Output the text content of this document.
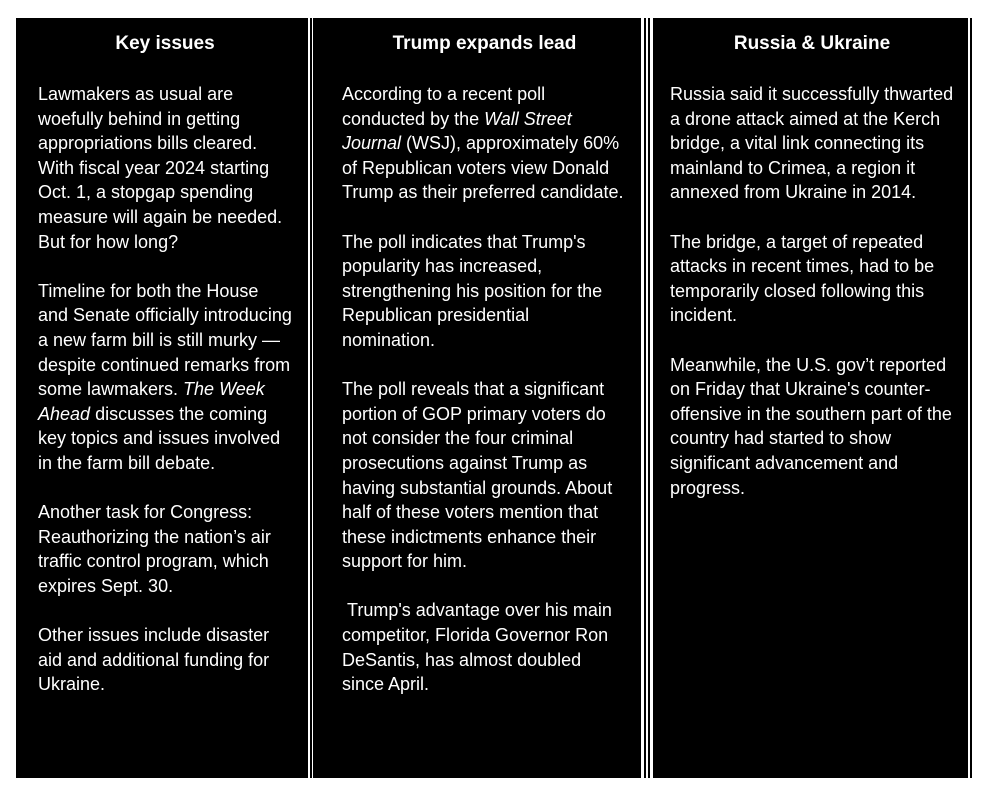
Key issues

Lawmakers as usual are woefully behind in getting appropriations bills cleared. With fiscal year 2024 starting Oct. 1, a stopgap spending measure will again be needed. But for how long?

Timeline for both the House and Senate officially introducing a new farm bill is still murky — despite continued remarks from some lawmakers. The Week Ahead discusses the coming key topics and issues involved in the farm bill debate.

Another task for Congress: Reauthorizing the nation’s air traffic control program, which expires Sept. 30.

Other issues include disaster aid and additional funding for Ukraine.

Trump expands lead

According to a recent poll conducted by the Wall Street Journal (WSJ), approximately 60% of Republican voters view Donald Trump as their preferred candidate.

The poll indicates that Trump's popularity has increased, strengthening his position for the Republican presidential nomination.

The poll reveals that a significant portion of GOP primary voters do not consider the four criminal prosecutions against Trump as having substantial grounds. About half of these voters mention that these indictments enhance their support for him.

Trump's advantage over his main competitor, Florida Governor Ron DeSantis, has almost doubled since April.

Russia & Ukraine

Russia said it successfully thwarted a drone attack aimed at the Kerch bridge, a vital link connecting its mainland to Crimea, a region it annexed from Ukraine in 2014.

The bridge, a target of repeated attacks in recent times, had to be temporarily closed following this incident.

Meanwhile, the U.S. gov’t reported on Friday that Ukraine's counter-offensive in the southern part of the country had started to show significant advancement and progress.
